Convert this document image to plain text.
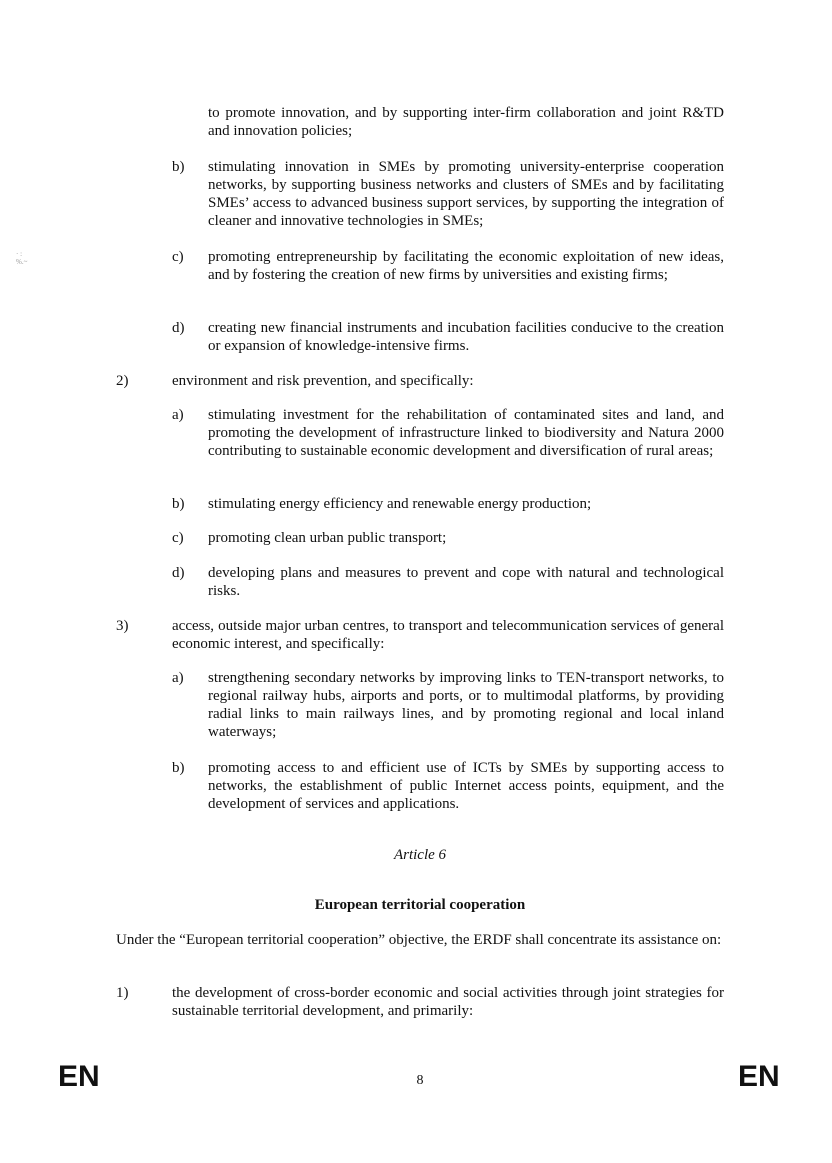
· :
%.~
to promote innovation, and by supporting inter-firm collaboration and joint R&TD and innovation policies;
b) stimulating innovation in SMEs by promoting university-enterprise cooperation networks, by supporting business networks and clusters of SMEs and by facilitating SMEs’ access to advanced business support services, by supporting the integration of cleaner and innovative technologies in SMEs;
c) promoting entrepreneurship by facilitating the economic exploitation of new ideas, and by fostering the creation of new firms by universities and existing firms;
d) creating new financial instruments and incubation facilities conducive to the creation or expansion of knowledge-intensive firms.
2)	environment and risk prevention, and specifically:
a) stimulating investment for the rehabilitation of contaminated sites and land, and promoting the development of infrastructure linked to biodiversity and Natura 2000 contributing to sustainable economic development and diversification of rural areas;
b) stimulating energy efficiency and renewable energy production;
c) promoting clean urban public transport;
d) developing plans and measures to prevent and cope with natural and technological risks.
3)	access, outside major urban centres, to transport and telecommunication services of general economic interest, and specifically:
a) strengthening secondary networks by improving links to TEN-transport networks, to regional railway hubs, airports and ports, or to multimodal platforms, by providing radial links to main railways lines, and by promoting regional and local inland waterways;
b) promoting access to and efficient use of ICTs by SMEs by supporting access to networks, the establishment of public Internet access points, equipment, and the development of services and applications.
Article 6
European territorial cooperation
Under the “European territorial cooperation” objective, the ERDF shall concentrate its assistance on:
1)	the development of cross-border economic and social activities through joint strategies for sustainable territorial development, and primarily:
EN	8	EN
